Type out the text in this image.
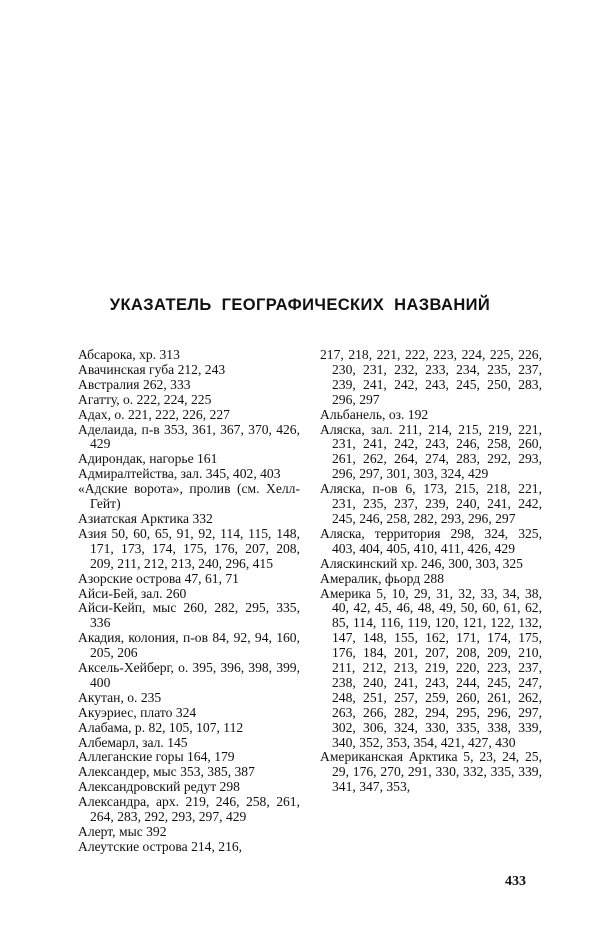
УКАЗАТЕЛЬ ГЕОГРАФИЧЕСКИХ НАЗВАНИЙ

Абсарока, хр. 313

Авачинская губа 212, 243

Австралия 262, 333

Агатту, о. 222, 224, 225

Адах, о. 221, 222, 226, 227

Аделаида, п-в 353, 361, 367, 370, 426, 429

Адирондак, нагорье 161

Адмиралтейства, зал. 345, 402, 403

«Адские ворота», пролив (см. Хелл-Гейт)

Азиатская Арктика 332

Азия 50, 60, 65, 91, 92, 114, 115, 148, 171, 173, 174, 175, 176, 207, 208, 209, 211, 212, 213, 240, 296, 415

Азорские острова 47, 61, 71

Айси-Бей, зал. 260

Айси-Кейп, мыс 260, 282, 295, 335, 336

Акадия, колония, п-ов 84, 92, 94, 160, 205, 206

Аксель-Хейберг, о. 395, 396, 398, 399, 400

Акутан, о. 235

Акуэриес, плато 324

Алабама, р. 82, 105, 107, 112

Албемарл, зал. 145

Аллеганские горы 164, 179

Александер, мыс 353, 385, 387

Александровский редут 298

Александра, арх. 219, 246, 258, 261, 264, 283, 292, 293, 297, 429

Алерт, мыс 392

Алеутские острова 214, 216,

217, 218, 221, 222, 223, 224, 225, 226, 230, 231, 232, 233, 234, 235, 237, 239, 241, 242, 243, 245, 250, 283, 296, 297

Альбанель, оз. 192

Аляска, зал. 211, 214, 215, 219, 221, 231, 241, 242, 243, 246, 258, 260, 261, 262, 264, 274, 283, 292, 293, 296, 297, 301, 303, 324, 429

Аляска, п-ов 6, 173, 215, 218, 221, 231, 235, 237, 239, 240, 241, 242, 245, 246, 258, 282, 293, 296, 297

Аляска, территория 298, 324, 325, 403, 404, 405, 410, 411, 426, 429

Аляскинский хр. 246, 300, 303, 325

Амералик, фьорд 288

Америка 5, 10, 29, 31, 32, 33, 34, 38, 40, 42, 45, 46, 48, 49, 50, 60, 61, 62, 85, 114, 116, 119, 120, 121, 122, 132, 147, 148, 155, 162, 171, 174, 175, 176, 184, 201, 207, 208, 209, 210, 211, 212, 213, 219, 220, 223, 237, 238, 240, 241, 243, 244, 245, 247, 248, 251, 257, 259, 260, 261, 262, 263, 266, 282, 294, 295, 296, 297, 302, 306, 324, 330, 335, 338, 339, 340, 352, 353, 354, 421, 427, 430

Американская Арктика 5, 23, 24, 25, 29, 176, 270, 291, 330, 332, 335, 339, 341, 347, 353,

433
